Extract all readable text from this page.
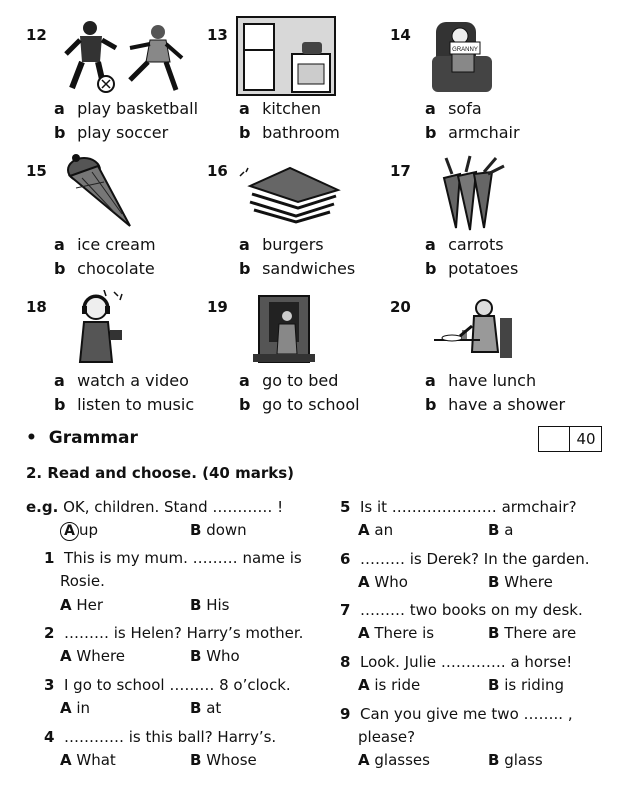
12
a play basketball
b play soccer
13
a kitchen
b bathroom
14
GRANNY
a sofa
b armchair
15
a ice cream
b chocolate
16
a burgers
b sandwiches
17
a carrots
b potatoes
18
a watch a video
b listen to music
19
a go to bed
b go to school
20
a have lunch
b have a shower
• Grammar	40
2. Read and choose. (40 marks)
e.g. OK, children. Stand ………… !
A up	B down
1 This is my mum. ……… name is
Rosie.
A Her	B His
2 ……… is Helen? Harry’s mother.
A Where	B Who
3 I go to school ……… 8 o’clock.
A in	B at
4 ………… is this ball? Harry’s.
A What	B Whose
5 Is it ………………… armchair?
A an	B a
6 ……… is Derek? In the garden.
A Who	B Where
7 ……… two books on my desk.
A There is	B There are
8 Look. Julie …………. a horse!
A is ride	B is riding
9 Can you give me two …….. ,
please?
A glasses	B glass
